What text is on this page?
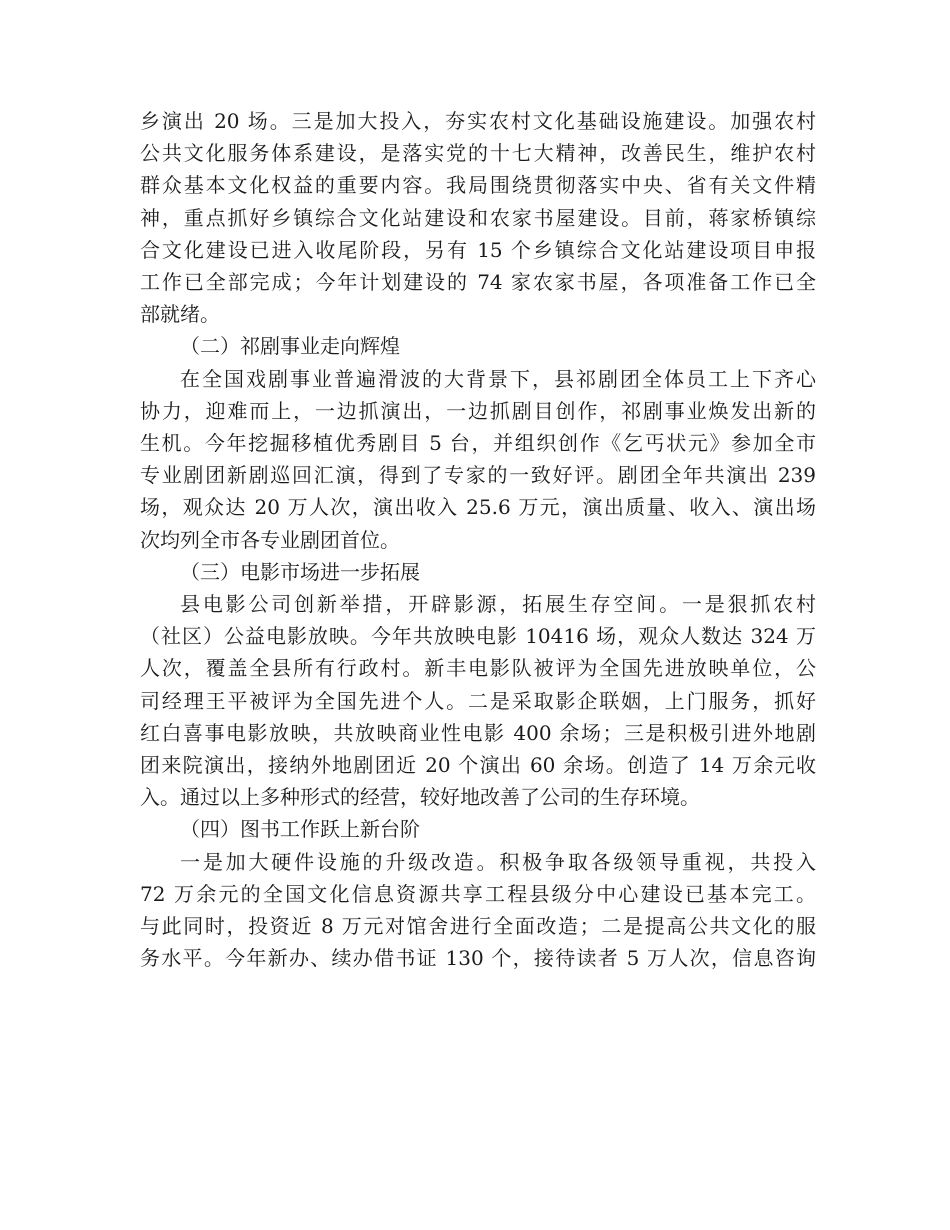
乡演出 20 场。三是加大投入，夯实农村文化基础设施建设。加强农村
公共文化服务体系建设，是落实党的十七大精神，改善民生，维护农村
群众基本文化权益的重要内容。我局围绕贯彻落实中央、省有关文件精
神，重点抓好乡镇综合文化站建设和农家书屋建设。目前，蒋家桥镇综
合文化建设已进入收尾阶段，另有 15 个乡镇综合文化站建设项目申报
工作已全部完成；今年计划建设的 74 家农家书屋，各项准备工作已全
部就绪。
（二）祁剧事业走向辉煌
在全国戏剧事业普遍滑波的大背景下，县祁剧团全体员工上下齐心
协力，迎难而上，一边抓演出，一边抓剧目创作，祁剧事业焕发出新的
生机。今年挖掘移植优秀剧目 5 台，并组织创作《乞丐状元》参加全市
专业剧团新剧巡回汇演，得到了专家的一致好评。剧团全年共演出 239
场，观众达 20 万人次，演出收入 25.6 万元，演出质量、收入、演出场
次均列全市各专业剧团首位。
（三）电影市场进一步拓展
县电影公司创新举措，开辟影源，拓展生存空间。一是狠抓农村
（社区）公益电影放映。今年共放映电影 10416 场，观众人数达 324 万
人次，覆盖全县所有行政村。新丰电影队被评为全国先进放映单位，公
司经理王平被评为全国先进个人。二是采取影企联姻，上门服务，抓好
红白喜事电影放映，共放映商业性电影 400 余场；三是积极引进外地剧
团来院演出，接纳外地剧团近 20 个演出 60 余场。创造了 14 万余元收
入。通过以上多种形式的经营，较好地改善了公司的生存环境。
（四）图书工作跃上新台阶
一是加大硬件设施的升级改造。积极争取各级领导重视，共投入
72 万余元的全国文化信息资源共享工程县级分中心建设已基本完工。
与此同时，投资近 8 万元对馆舍进行全面改造；二是提高公共文化的服
务水平。今年新办、续办借书证 130 个，接待读者 5 万人次，信息咨询
